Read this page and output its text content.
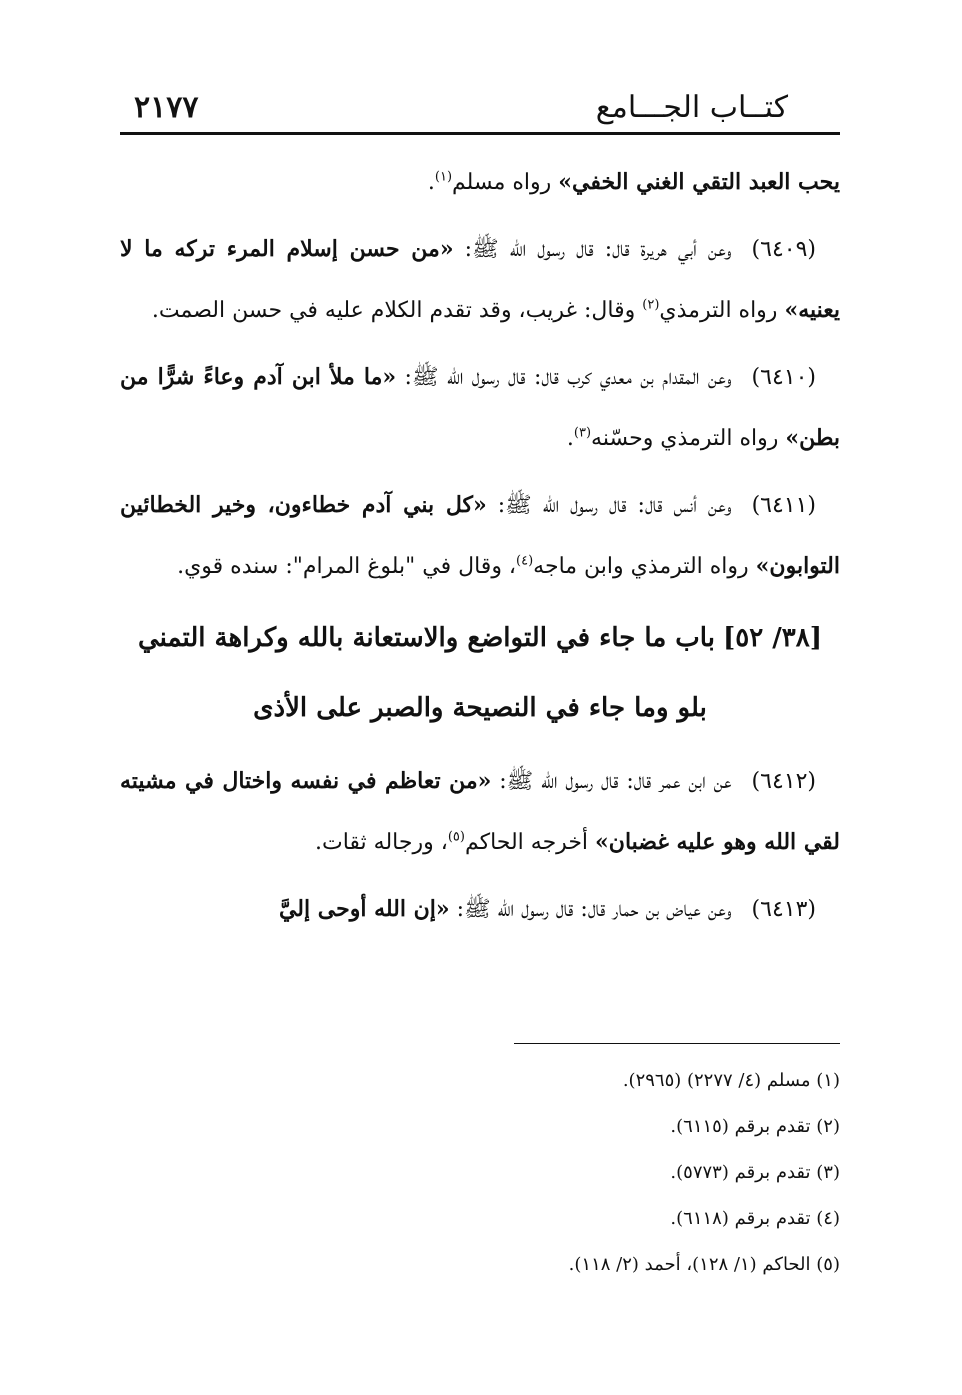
كتــاب الجـــامع
٢١٧٧

يحب العبد التقي الغني الخفي» رواه مسلم$^{(١)}$.

(٦٤٠٩)وعن أبي هريرة قال: قال رسول الله ﷺ: «من حسن إسلام المرء تركه ما لا يعنيه» رواه الترمذي$^{(٢)}$ وقال: غريب، وقد تقدم الكلام عليه في حسن الصمت.

(٦٤١٠)وعن المقدام بن معدي كرب قال: قال رسول الله ﷺ: «ما ملأ ابن آدم وعاءً شرًّا من بطن» رواه الترمذي وحسّنه$^{(٣)}$.

(٦٤١١)وعن أنس قال: قال رسول الله ﷺ: «كل بني آدم خطاءون، وخير الخطائين التوابون» رواه الترمذي وابن ماجه$^{(٤)}$، وقال في "بلوغ المرام": سنده قوي.

[٣٨/ ٥٢]باب ما جاء في التواضع والاستعانة بالله وكراهة التمني بلو وما جاء في النصيحة والصبر على الأذى

(٦٤١٢)عن ابن عمر قال: قال رسول الله ﷺ: «من تعاظم في نفسه واختال في مشيته لقي الله وهو عليه غضبان» أخرجه الحاكم$^{(٥)}$، ورجاله ثقات.

(٦٤١٣)وعن عياض بن حمار قال: قال رسول الله ﷺ: «إن الله أوحى إليَّ

(١) مسلم (٤/ ٢٢٧٧) (٢٩٦٥).
(٢) تقدم برقم (٦١١٥).
(٣) تقدم برقم (٥٧٧٣).
(٤) تقدم برقم (٦١١٨).
(٥) الحاكم (١/ ١٢٨)، أحمد (٢/ ١١٨).
